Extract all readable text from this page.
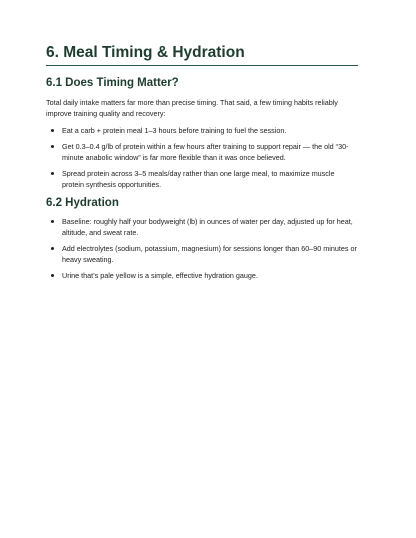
6. Meal Timing & Hydration
6.1 Does Timing Matter?

Total daily intake matters far more than precise timing. That said, a few timing habits reliably improve training quality and recovery:

Eat a carb + protein meal 1–3 hours before training to fuel the session.
Get 0.3–0.4 g/lb of protein within a few hours after training to support repair — the old “30-minute anabolic window” is far more flexible than it was once believed.
Spread protein across 3–5 meals/day rather than one large meal, to maximize muscle protein synthesis opportunities.
6.2 Hydration
Baseline: roughly half your bodyweight (lb) in ounces of water per day, adjusted up for heat, altitude, and sweat rate.
Add electrolytes (sodium, potassium, magnesium) for sessions longer than 60–90 minutes or heavy sweating.
Urine that’s pale yellow is a simple, effective hydration gauge.
